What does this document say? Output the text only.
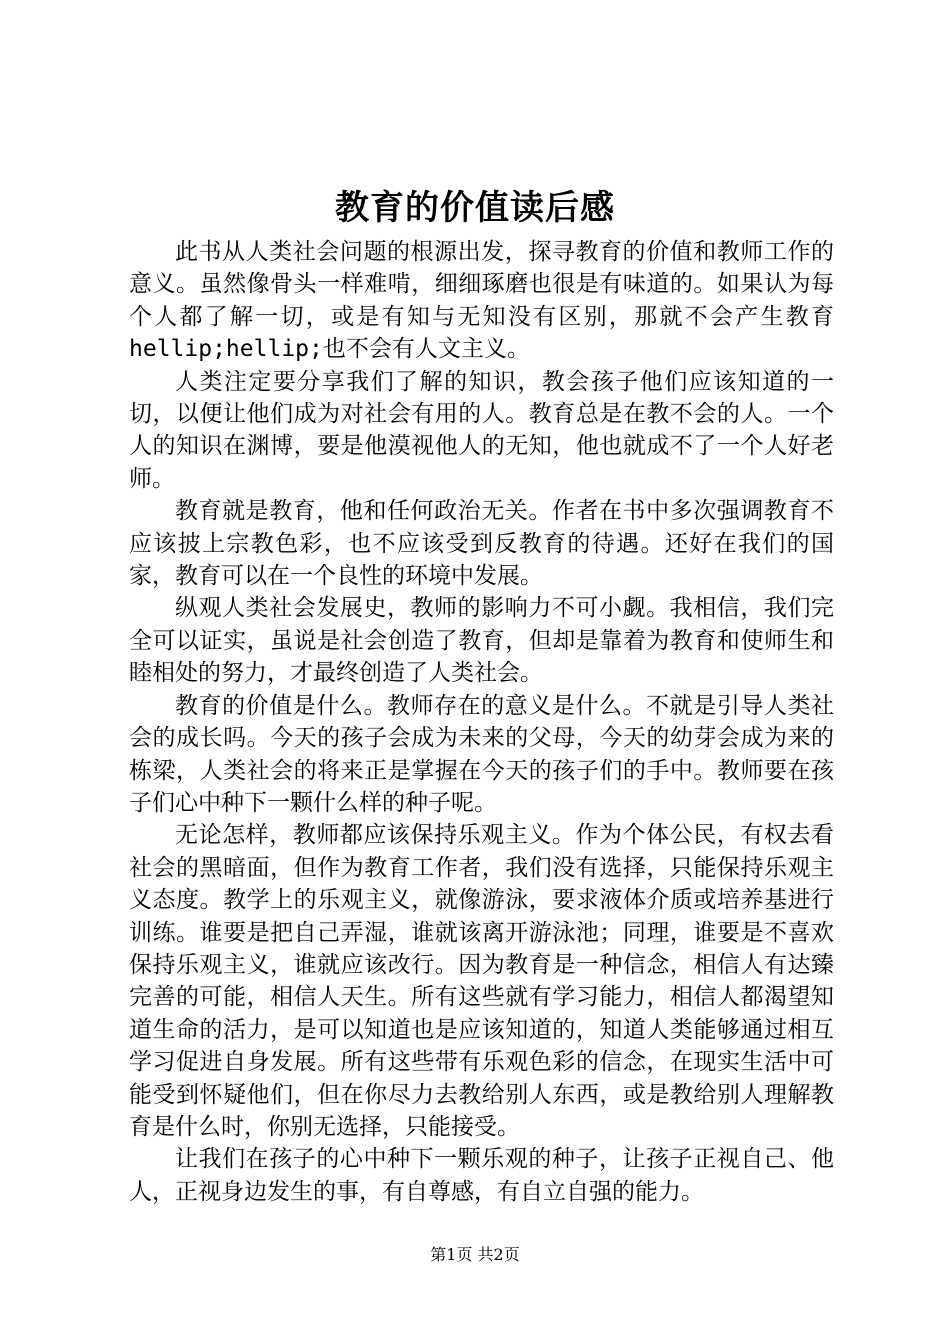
教育的价值读后感

此书从人类社会问题的根源出发，探寻教育的价值和教师工作的意义。虽然像骨头一样难啃，细细琢磨也很是有味道的。如果认为每个人都了解一切，或是有知与无知没有区别，那就不会产生教育hellip;hellip;也不会有人文主义。

人类注定要分享我们了解的知识，教会孩子他们应该知道的一切，以便让他们成为对社会有用的人。教育总是在教不会的人。一个人的知识在渊博，要是他漠视他人的无知，他也就成不了一个人好老师。

教育就是教育，他和任何政治无关。作者在书中多次强调教育不应该披上宗教色彩，也不应该受到反教育的待遇。还好在我们的国家，教育可以在一个良性的环境中发展。

纵观人类社会发展史，教师的影响力不可小觑。我相信，我们完全可以证实，虽说是社会创造了教育，但却是靠着为教育和使师生和睦相处的努力，才最终创造了人类社会。

教育的价值是什么。教师存在的意义是什么。不就是引导人类社会的成长吗。今天的孩子会成为未来的父母，今天的幼芽会成为来的栋梁，人类社会的将来正是掌握在今天的孩子们的手中。教师要在孩子们心中种下一颗什么样的种子呢。

无论怎样，教师都应该保持乐观主义。作为个体公民，有权去看社会的黑暗面，但作为教育工作者，我们没有选择，只能保持乐观主义态度。教学上的乐观主义，就像游泳，要求液体介质或培养基进行训练。谁要是把自己弄湿，谁就该离开游泳池；同理，谁要是不喜欢保持乐观主义，谁就应该改行。因为教育是一种信念，相信人有达臻完善的可能，相信人天生。所有这些就有学习能力，相信人都渴望知道生命的活力，是可以知道也是应该知道的，知道人类能够通过相互学习促进自身发展。所有这些带有乐观色彩的信念，在现实生活中可能受到怀疑他们，但在你尽力去教给别人东西，或是教给别人理解教育是什么时，你别无选择，只能接受。

让我们在孩子的心中种下一颗乐观的种子，让孩子正视自己、他人，正视身边发生的事，有自尊感，有自立自强的能力。

第1页 共2页
